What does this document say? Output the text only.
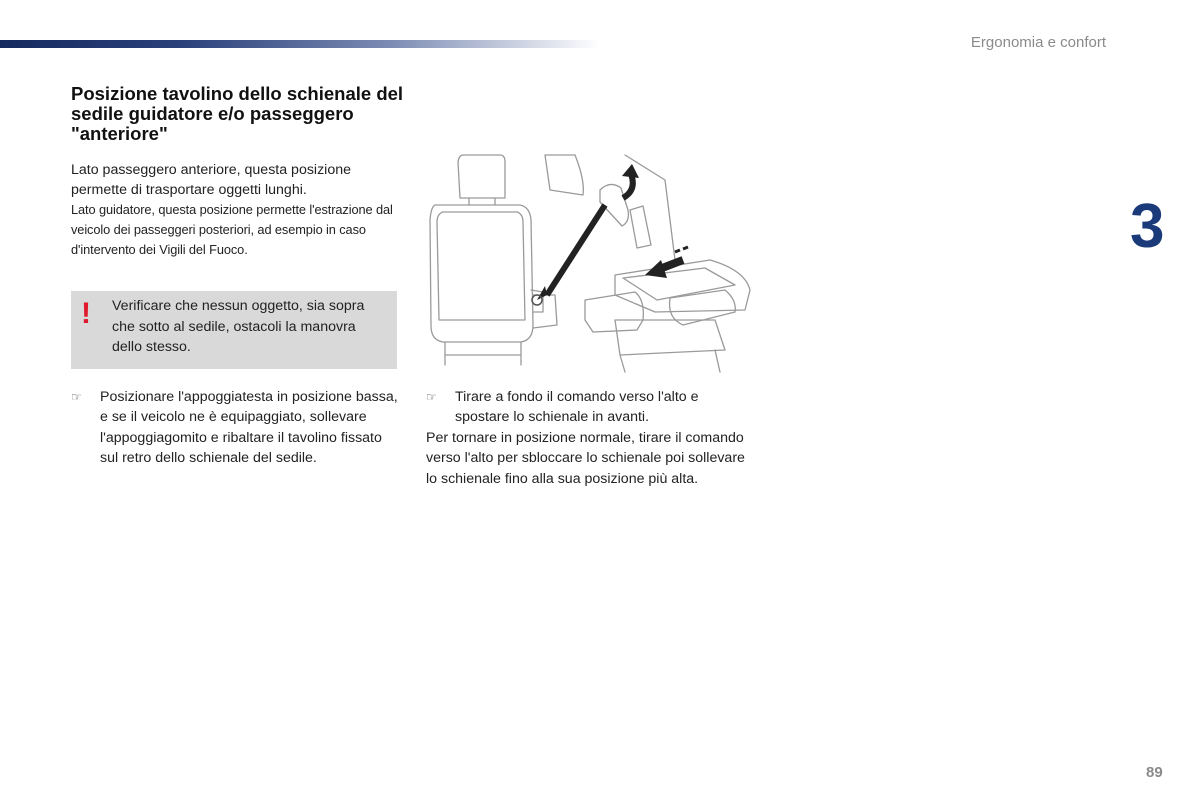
Ergonomia e confort
3
89
Posizione tavolino dello schienale del sedile guidatore e/o passeggero "anteriore"

Lato passeggero anteriore, questa posizione permette di trasportare oggetti lunghi.

Lato guidatore, questa posizione permette l'estrazione dal veicolo dei passeggeri posteriori, ad esempio in caso d'intervento dei Vigili del Fuoco.

! Verificare che nessun oggetto, sia sopra che sotto al sedile, ostacoli la manovra dello stesso.
☞ Posizionare l'appoggiatesta in posizione bassa, e se il veicolo ne è equipaggiato, sollevare l'appoggiagomito e ribaltare il tavolino fissato sul retro dello schienale del sedile.
☞ Tirare a fondo il comando verso l'alto e spostare lo schienale in avanti.
Per tornare in posizione normale, tirare il comando verso l'alto per sbloccare lo schienale poi sollevare lo schienale fino alla sua posizione più alta.
